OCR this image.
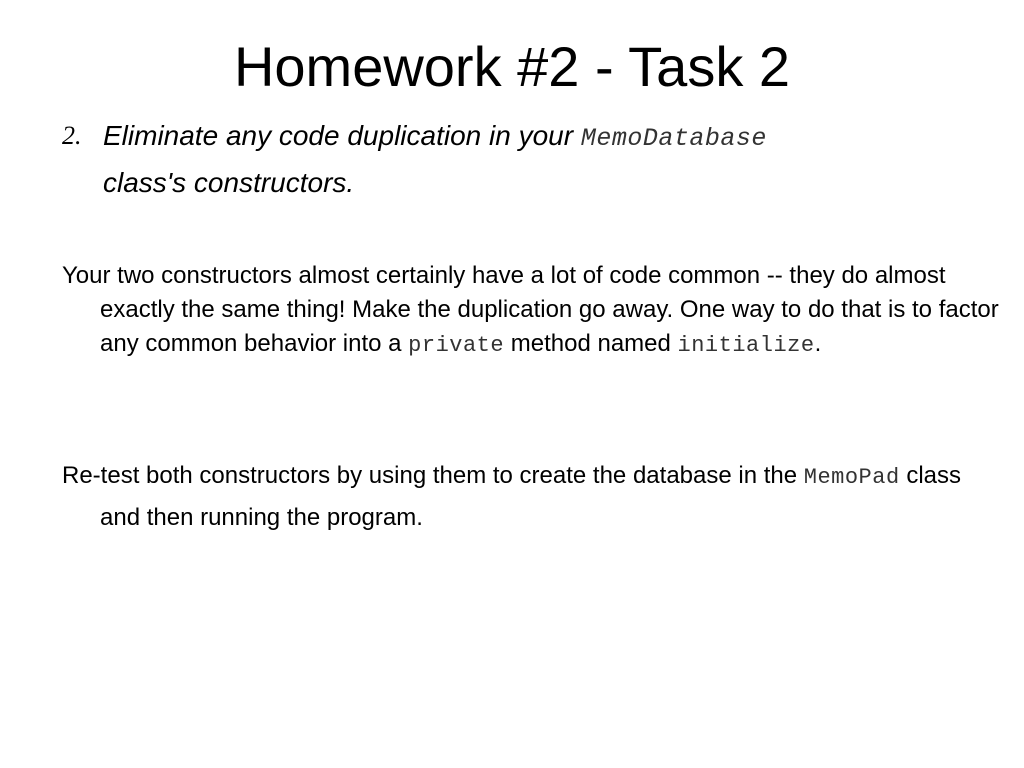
Homework #2 - Task 2
2. Eliminate any code duplication in your MemoDatabase
class's constructors.
Your two constructors almost certainly have a lot of code common -- they do almost exactly the same thing! Make the duplication go away. One way to do that is to factor any common behavior into a private method named initialize.
Re-test both constructors by using them to create the database in the MemoPad class and then running the program.
